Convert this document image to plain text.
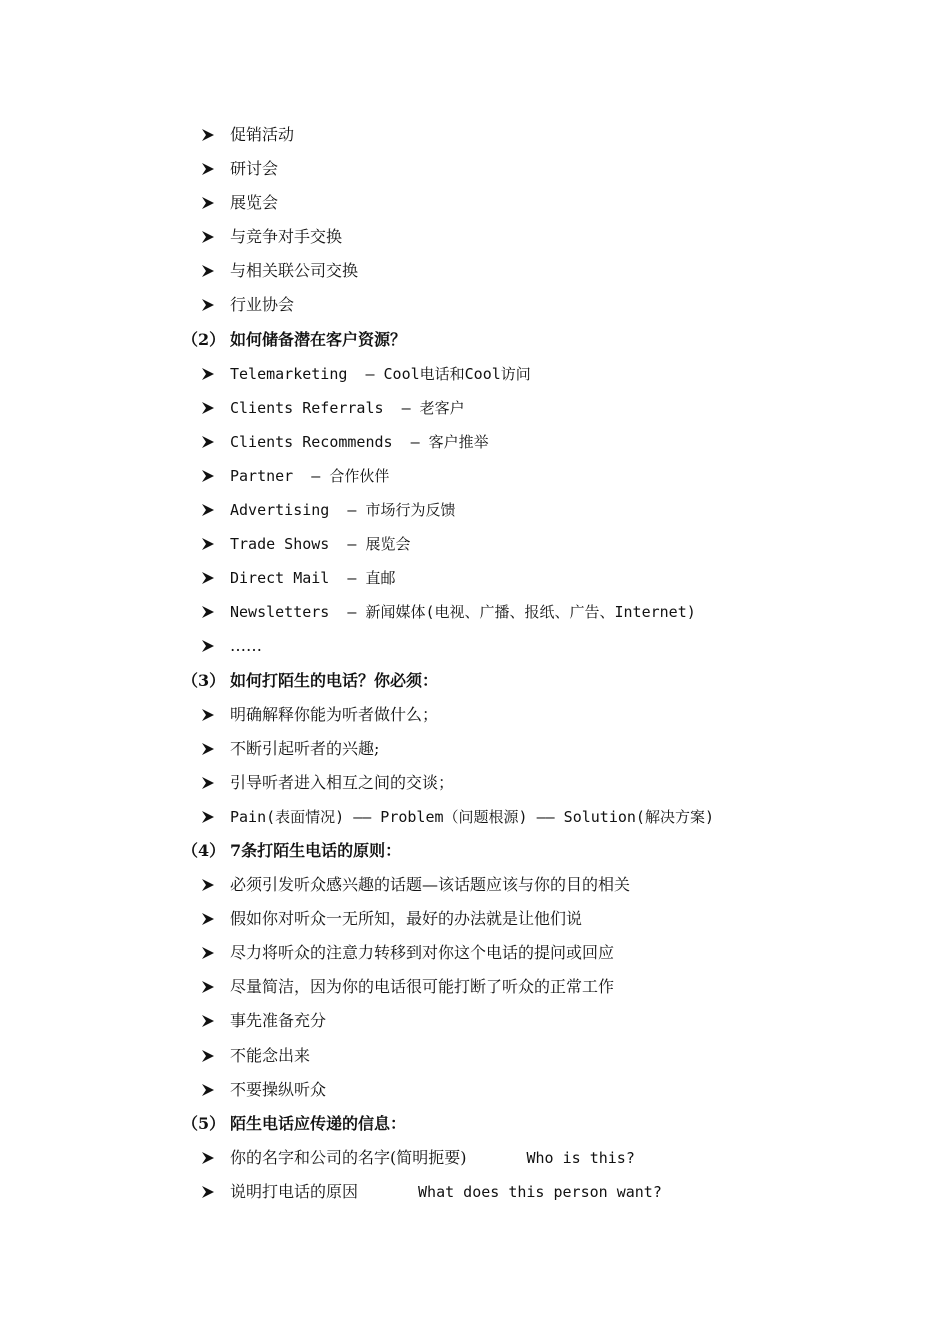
促销活动

研讨会

展览会

与竞争对手交换

与相关联公司交换

行业协会

（2）

如何储备潜在客户资源？

Telemarketing  – Cool电话和Cool访问

Clients Referrals  – 老客户

Clients Recommends  – 客户推举

Partner  – 合作伙伴

Advertising  – 市场行为反馈

Trade Shows  – 展览会

Direct Mail  – 直邮

Newsletters  – 新闻媒体(电视、广播、报纸、广告、Internet)

……

（3）

如何打陌生的电话？你必须：

明确解释你能为听者做什么；

不断引起听者的兴趣;

引导听者进入相互之间的交谈；

Pain(表面情况) –– Problem（问题根源) –– Solution(解决方案)

（4）

7条打陌生电话的原则：

必须引发听众感兴趣的话题—该话题应该与你的目的相关

假如你对听众一无所知，最好的办法就是让他们说

尽力将听众的注意力转移到对你这个电话的提问或回应

尽量简洁，因为你的电话很可能打断了听众的正常工作

事先准备充分

不能念出来

不要操纵听众

（5）

陌生电话应传递的信息：

你的名字和公司的名字(简明扼要)	Who is this?

说明打电话的原因	What does this person want?
